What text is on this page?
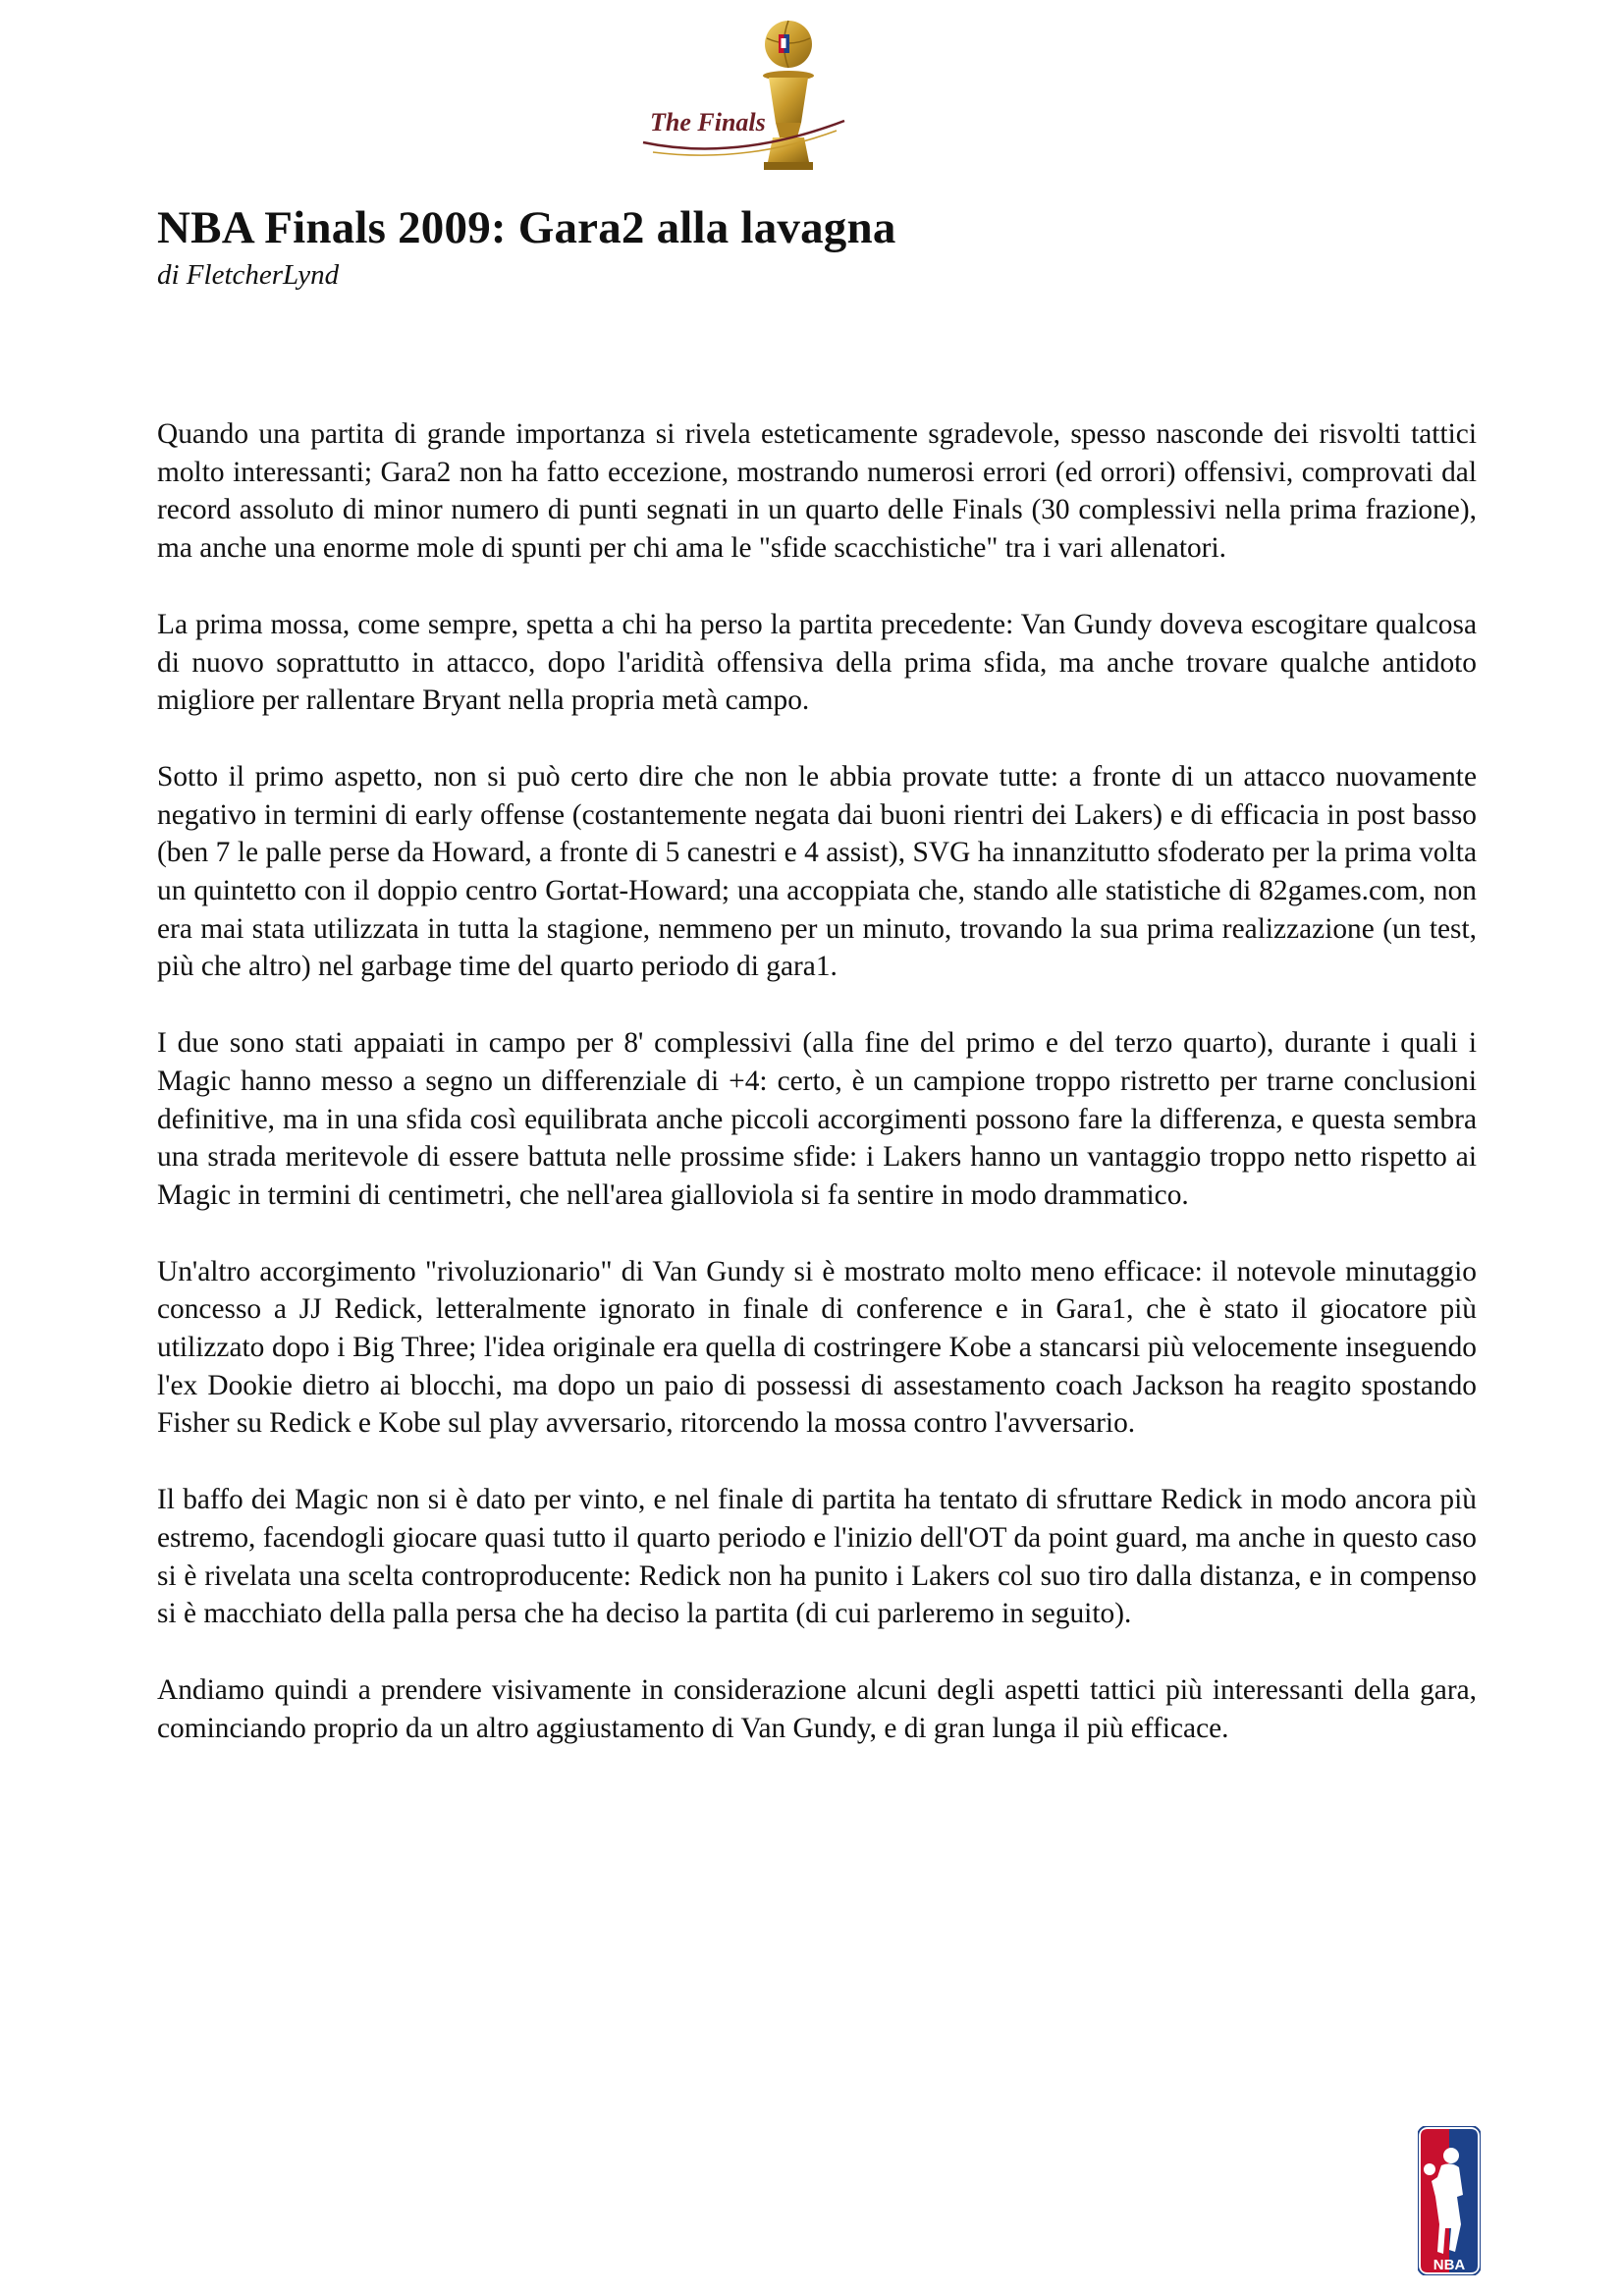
The Finals
NBA Finals 2009: Gara2 alla lavagna
di FletcherLynd

Quando una partita di grande importanza si rivela esteticamente sgradevole, spesso nasconde dei risvolti tattici molto interessanti; Gara2 non ha fatto eccezione, mostrando numerosi errori (ed orrori) offensivi, comprovati dal record assoluto di minor numero di punti segnati in un quarto delle Finals (30 complessivi nella prima frazione), ma anche una enorme mole di spunti per chi ama le "sfide scacchistiche" tra i vari allenatori.

La prima mossa, come sempre, spetta a chi ha perso la partita precedente: Van Gundy doveva escogitare qualcosa di nuovo soprattutto in attacco, dopo l'aridità offensiva della prima sfida, ma anche trovare qualche antidoto migliore per rallentare Bryant nella propria metà campo.

Sotto il primo aspetto, non si può certo dire che non le abbia provate tutte: a fronte di un attacco nuovamente negativo in termini di early offense (costantemente negata dai buoni rientri dei Lakers) e di efficacia in post basso (ben 7 le palle perse da Howard, a fronte di 5 canestri e 4 assist), SVG ha innanzitutto sfoderato per la prima volta un quintetto con il doppio centro Gortat-Howard; una accoppiata che, stando alle statistiche di 82games.com, non era mai stata utilizzata in tutta la stagione, nemmeno per un minuto, trovando la sua prima realizzazione (un test, più che altro) nel garbage time del quarto periodo di gara1.

I due sono stati appaiati in campo per 8' complessivi (alla fine del primo e del terzo quarto), durante i quali i Magic hanno messo a segno un differenziale di +4: certo, è un campione troppo ristretto per trarne conclusioni definitive, ma in una sfida così equilibrata anche piccoli accorgimenti possono fare la differenza, e questa sembra una strada meritevole di essere battuta nelle prossime sfide: i Lakers hanno un vantaggio troppo netto rispetto ai Magic in termini di centimetri, che nell'area gialloviola si fa sentire in modo drammatico.

Un'altro accorgimento "rivoluzionario" di Van Gundy si è mostrato molto meno efficace: il notevole minutaggio concesso a JJ Redick, letteralmente ignorato in finale di conference e in Gara1, che è stato il giocatore più utilizzato dopo i Big Three; l'idea originale era quella di costringere Kobe a stancarsi più velocemente inseguendo l'ex Dookie dietro ai blocchi, ma dopo un paio di possessi di assestamento coach Jackson ha reagito spostando Fisher su Redick e Kobe sul play avversario, ritorcendo la mossa contro l'avversario.

Il baffo dei Magic non si è dato per vinto, e nel finale di partita ha tentato di sfruttare Redick in modo ancora più estremo, facendogli giocare quasi tutto il quarto periodo e l'inizio dell'OT da point guard, ma anche in questo caso si è rivelata una scelta controproducente: Redick non ha punito i Lakers col suo tiro dalla distanza, e in compenso si è macchiato della palla persa che ha deciso la partita (di cui parleremo in seguito).

Andiamo quindi a prendere visivamente in considerazione alcuni degli aspetti tattici più interessanti della gara, cominciando proprio da un altro aggiustamento di Van Gundy, e di gran lunga il più efficace.

NBA
